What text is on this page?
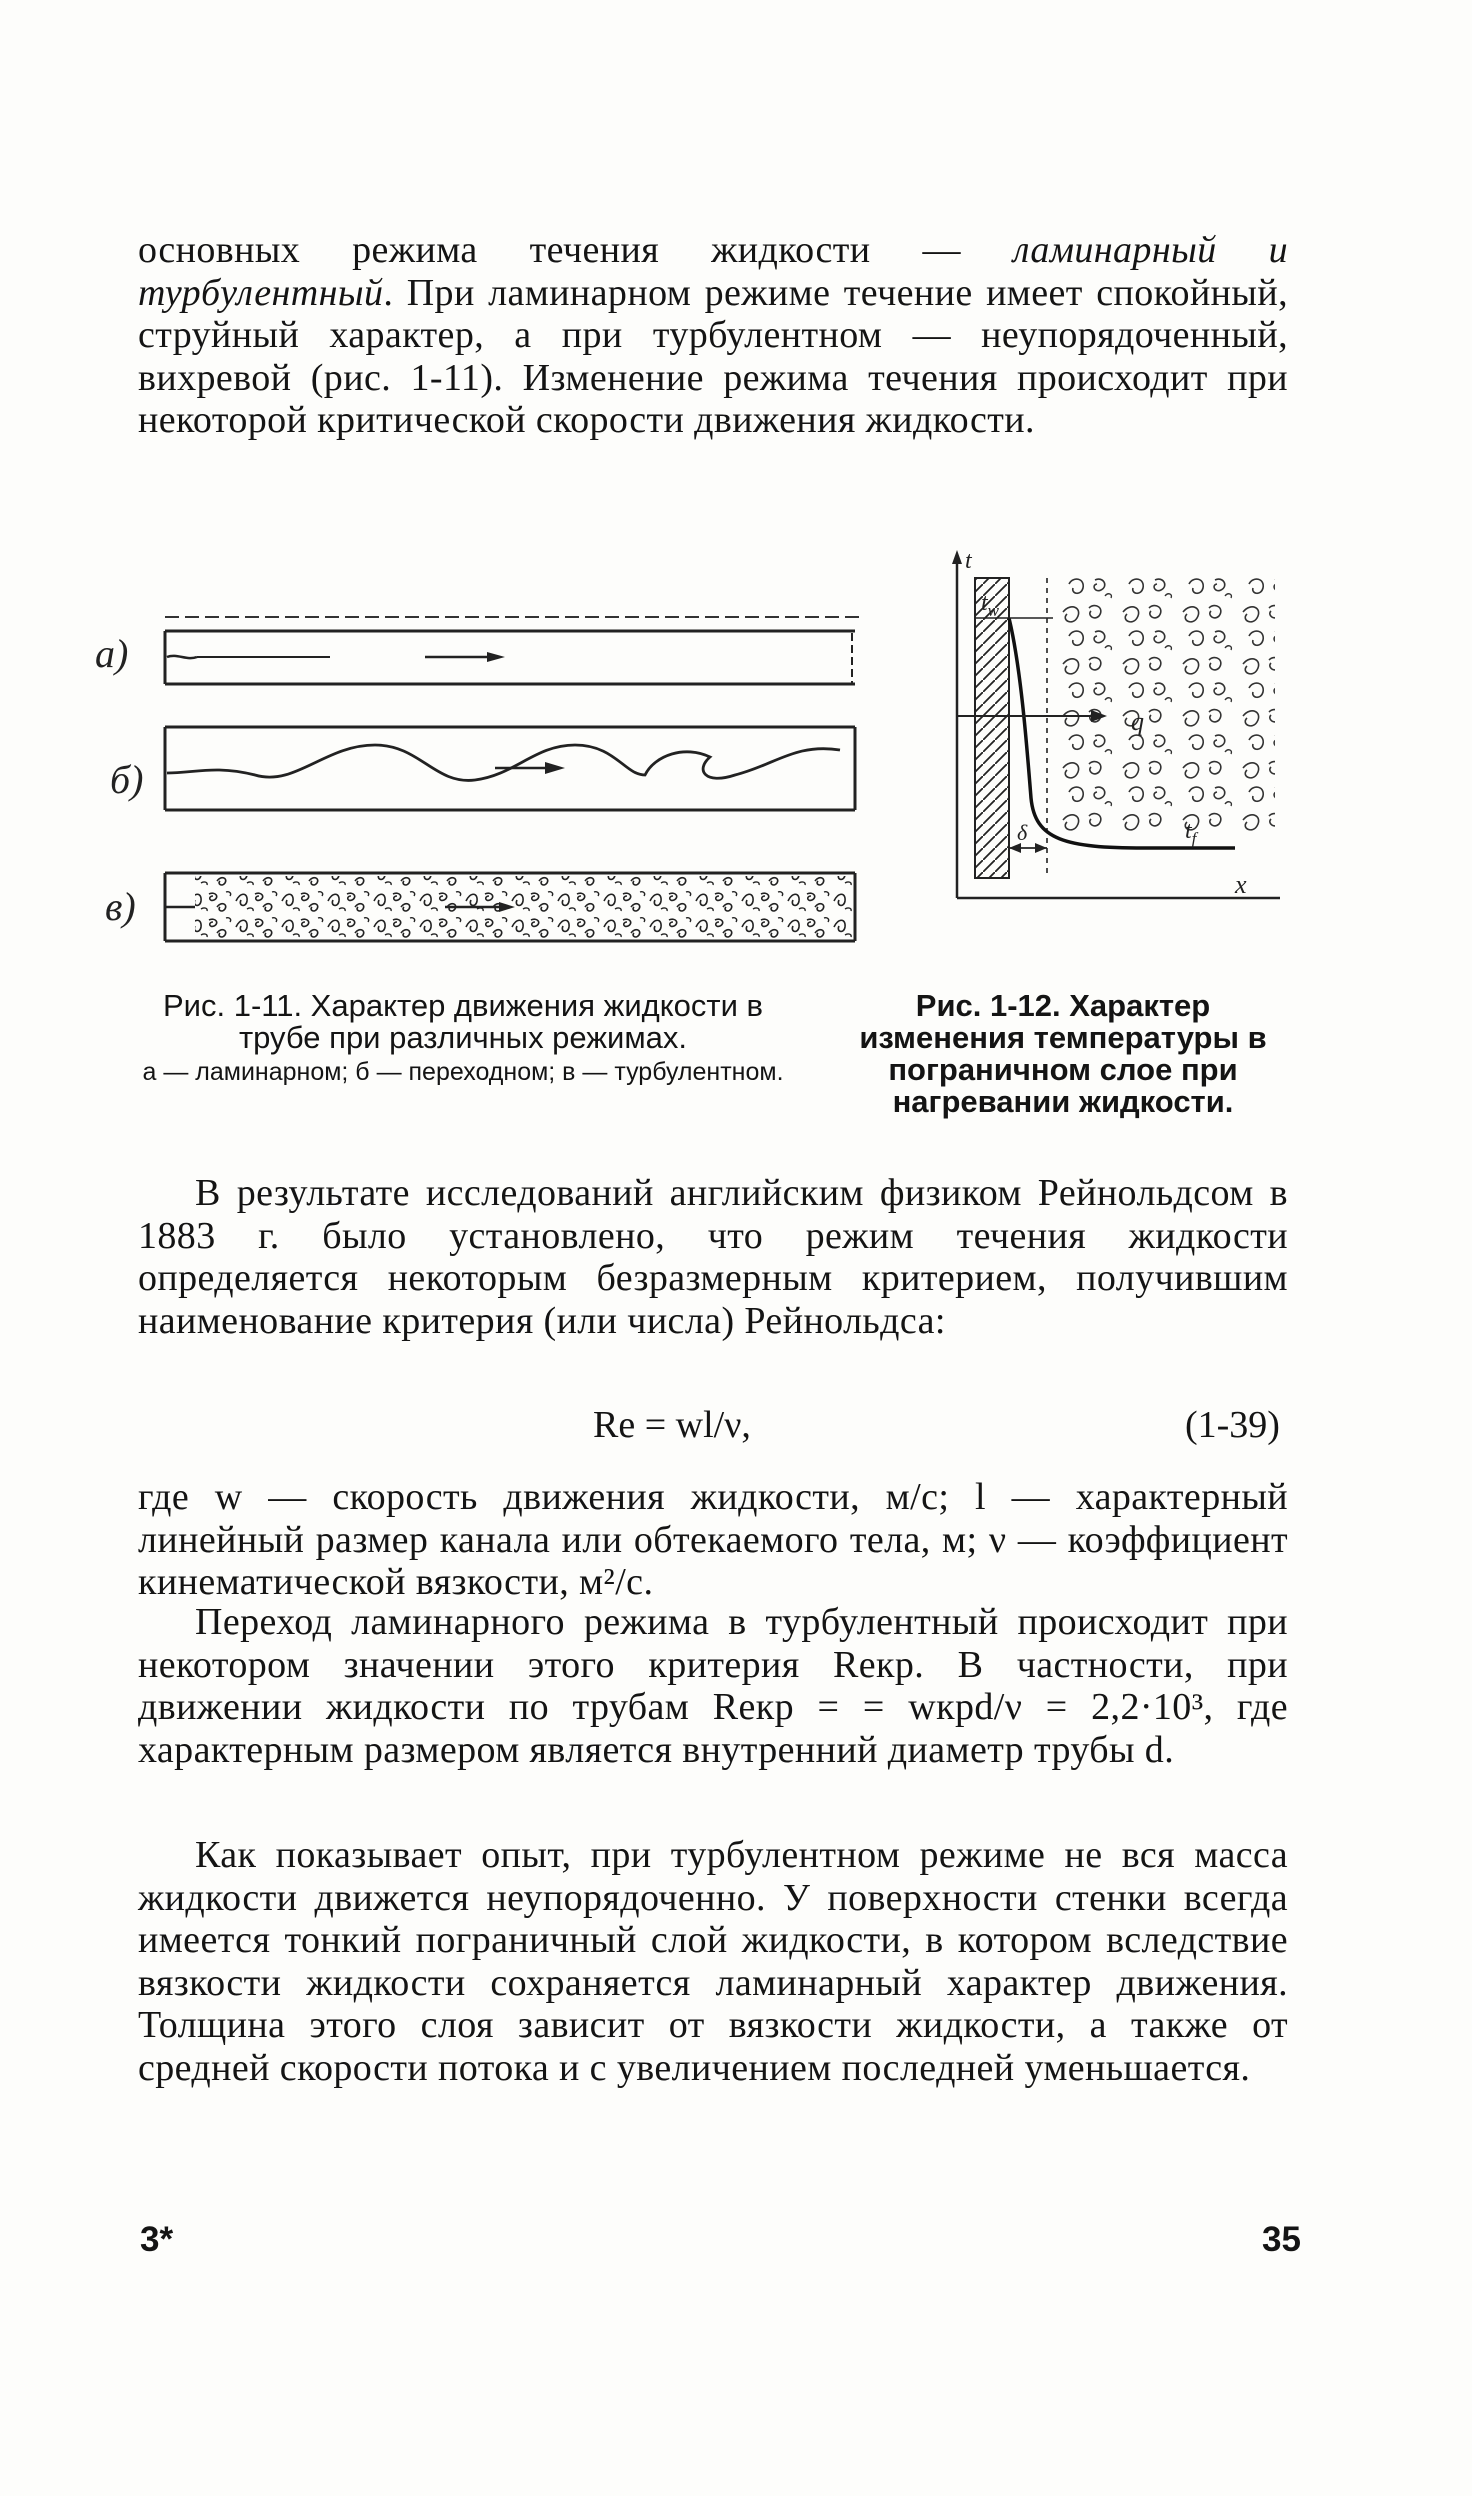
основных режима течения жидкости — ламинарный и турбулентный. При ламинарном режиме течение имеет спокойный, струйный характер, а при турбулентном — неупорядоченный, вихревой (рис. 1-11). Изменение режима течения происходит при некоторой критической скорости движения жидкости.

а)
б)
в)
t
x
$t_w$
q
δ	$t_f$

Рис. 1-11. Характер движения жидкости в трубе при различных режимах.

а — ламинарном; б — переходном; в — турбулентном.

Рис. 1-12. Характер изменения температуры в пограничном слое при нагревании жидкости.

В результате исследований английским физиком Рейнольдсом в 1883 г. было установлено, что режим течения жидкости определяется некоторым безразмерным критерием, получившим наименование критерия (или числа) Рейнольдса:

Re = wl/ν,	(1-39)

где w — скорость движения жидкости, м/с; l — характерный линейный размер канала или обтекаемого тела, м; ν — коэффициент кинематической вязкости, м²/с.

Переход ламинарного режима в турбулентный происходит при некотором значении этого критерия Reкр. В частности, при движении жидкости по трубам Reкр = = wкрd/ν = 2,2·10³, где характерным размером является внутренний диаметр трубы d.

Как показывает опыт, при турбулентном режиме не вся масса жидкости движется неупорядоченно. У поверхности стенки всегда имеется тонкий пограничный слой жидкости, в котором вследствие вязкости жидкости сохраняется ламинарный характер движения. Толщина этого слоя зависит от вязкости жидкости, а также от средней скорости потока и с увеличением последней уменьшается.

3*	35
